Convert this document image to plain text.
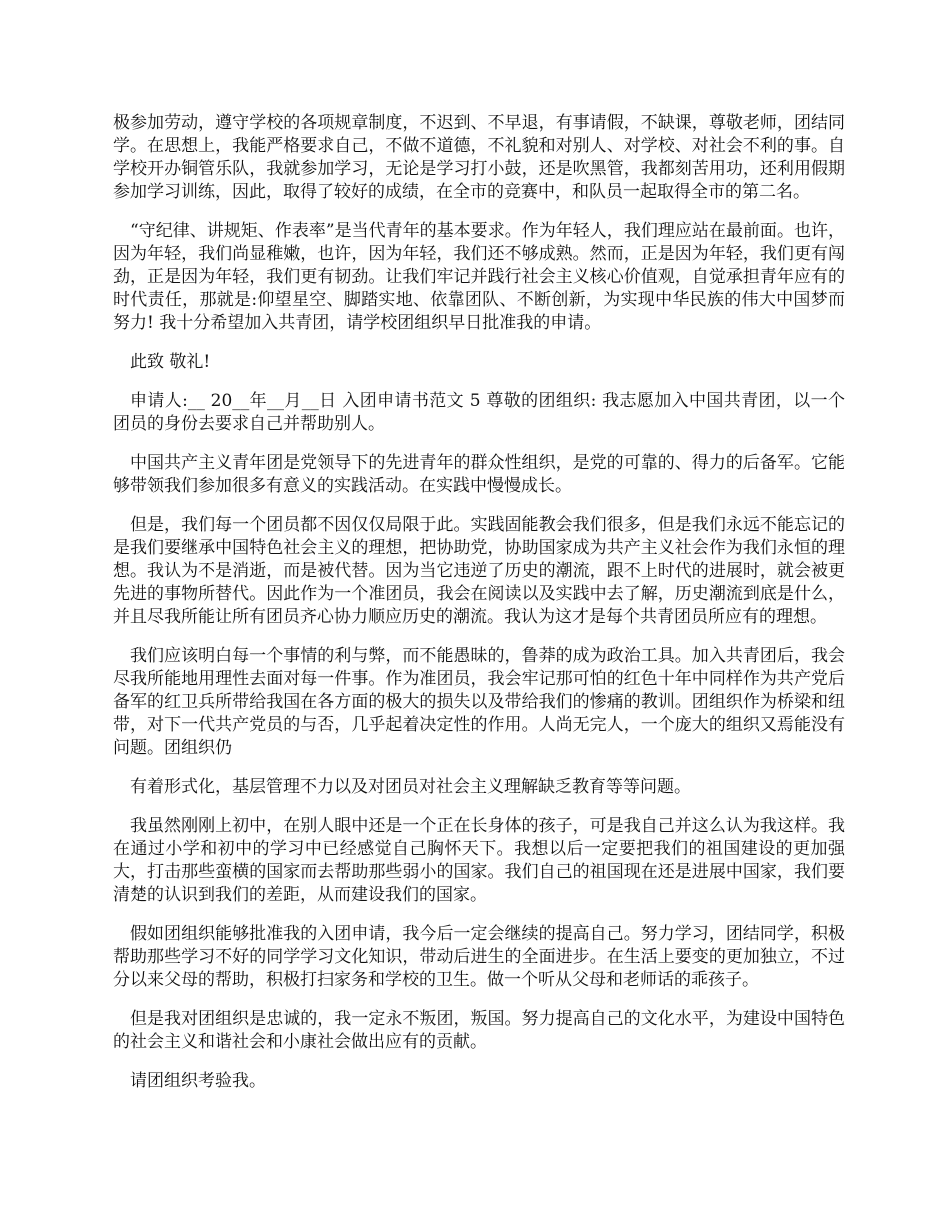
极参加劳动，遵守学校的各项规章制度，不迟到、不早退，有事请假，不缺课，尊敬老师，团结同学。在思想上，我能严格要求自己，不做不道德，不礼貌和对别人、对学校、对社会不利的事。自学校开办铜管乐队，我就参加学习，无论是学习打小鼓，还是吹黑管，我都刻苦用功，还利用假期参加学习训练，因此，取得了较好的成绩，在全市的竞赛中，和队员一起取得全市的第二名。

“守纪律、讲规矩、作表率”是当代青年的基本要求。作为年轻人，我们理应站在最前面。也许，因为年轻，我们尚显稚嫩，也许，因为年轻，我们还不够成熟。然而，正是因为年轻，我们更有闯劲，正是因为年轻，我们更有韧劲。让我们牢记并践行社会主义核心价值观，自觉承担青年应有的时代责任，那就是:仰望星空、脚踏实地、依靠团队、不断创新，为实现中华民族的伟大中国梦而努力! 我十分希望加入共青团，请学校团组织早日批准我的申请。

此致 敬礼!

申请人:__ 20__年__月__日 入团申请书范文 5 尊敬的团组织: 我志愿加入中国共青团，以一个团员的身份去要求自己并帮助别人。

中国共产主义青年团是党领导下的先进青年的群众性组织，是党的可靠的、得力的后备军。它能够带领我们参加很多有意义的实践活动。在实践中慢慢成长。

但是，我们每一个团员都不因仅仅局限于此。实践固能教会我们很多，但是我们永远不能忘记的是我们要继承中国特色社会主义的理想，把协助党，协助国家成为共产主义社会作为我们永恒的理想。我认为不是消逝，而是被代替。因为当它违逆了历史的潮流，跟不上时代的进展时，就会被更先进的事物所替代。因此作为一个准团员，我会在阅读以及实践中去了解，历史潮流到底是什么，并且尽我所能让所有团员齐心协力顺应历史的潮流。我认为这才是每个共青团员所应有的理想。

我们应该明白每一个事情的利与弊，而不能愚昧的，鲁莽的成为政治工具。加入共青团后，我会尽我所能地用理性去面对每一件事。作为准团员，我会牢记那可怕的红色十年中同样作为共产党后备军的红卫兵所带给我国在各方面的极大的损失以及带给我们的惨痛的教训。团组织作为桥梁和纽带，对下一代共产党员的与否，几乎起着决定性的作用。人尚无完人，一个庞大的组织又焉能没有问题。团组织仍

有着形式化，基层管理不力以及对团员对社会主义理解缺乏教育等等问题。

我虽然刚刚上初中，在别人眼中还是一个正在长身体的孩子，可是我自己并这么认为我这样。我在通过小学和初中的学习中已经感觉自己胸怀天下。我想以后一定要把我们的祖国建设的更加强大，打击那些蛮横的国家而去帮助那些弱小的国家。我们自己的祖国现在还是进展中国家，我们要清楚的认识到我们的差距，从而建设我们的国家。

假如团组织能够批准我的入团申请，我今后一定会继续的提高自己。努力学习，团结同学，积极帮助那些学习不好的同学学习文化知识，带动后进生的全面进步。在生活上要变的更加独立，不过分以来父母的帮助，积极打扫家务和学校的卫生。做一个听从父母和老师话的乖孩子。

但是我对团组织是忠诚的，我一定永不叛团，叛国。努力提高自己的文化水平，为建设中国特色的社会主义和谐社会和小康社会做出应有的贡献。

请团组织考验我。
